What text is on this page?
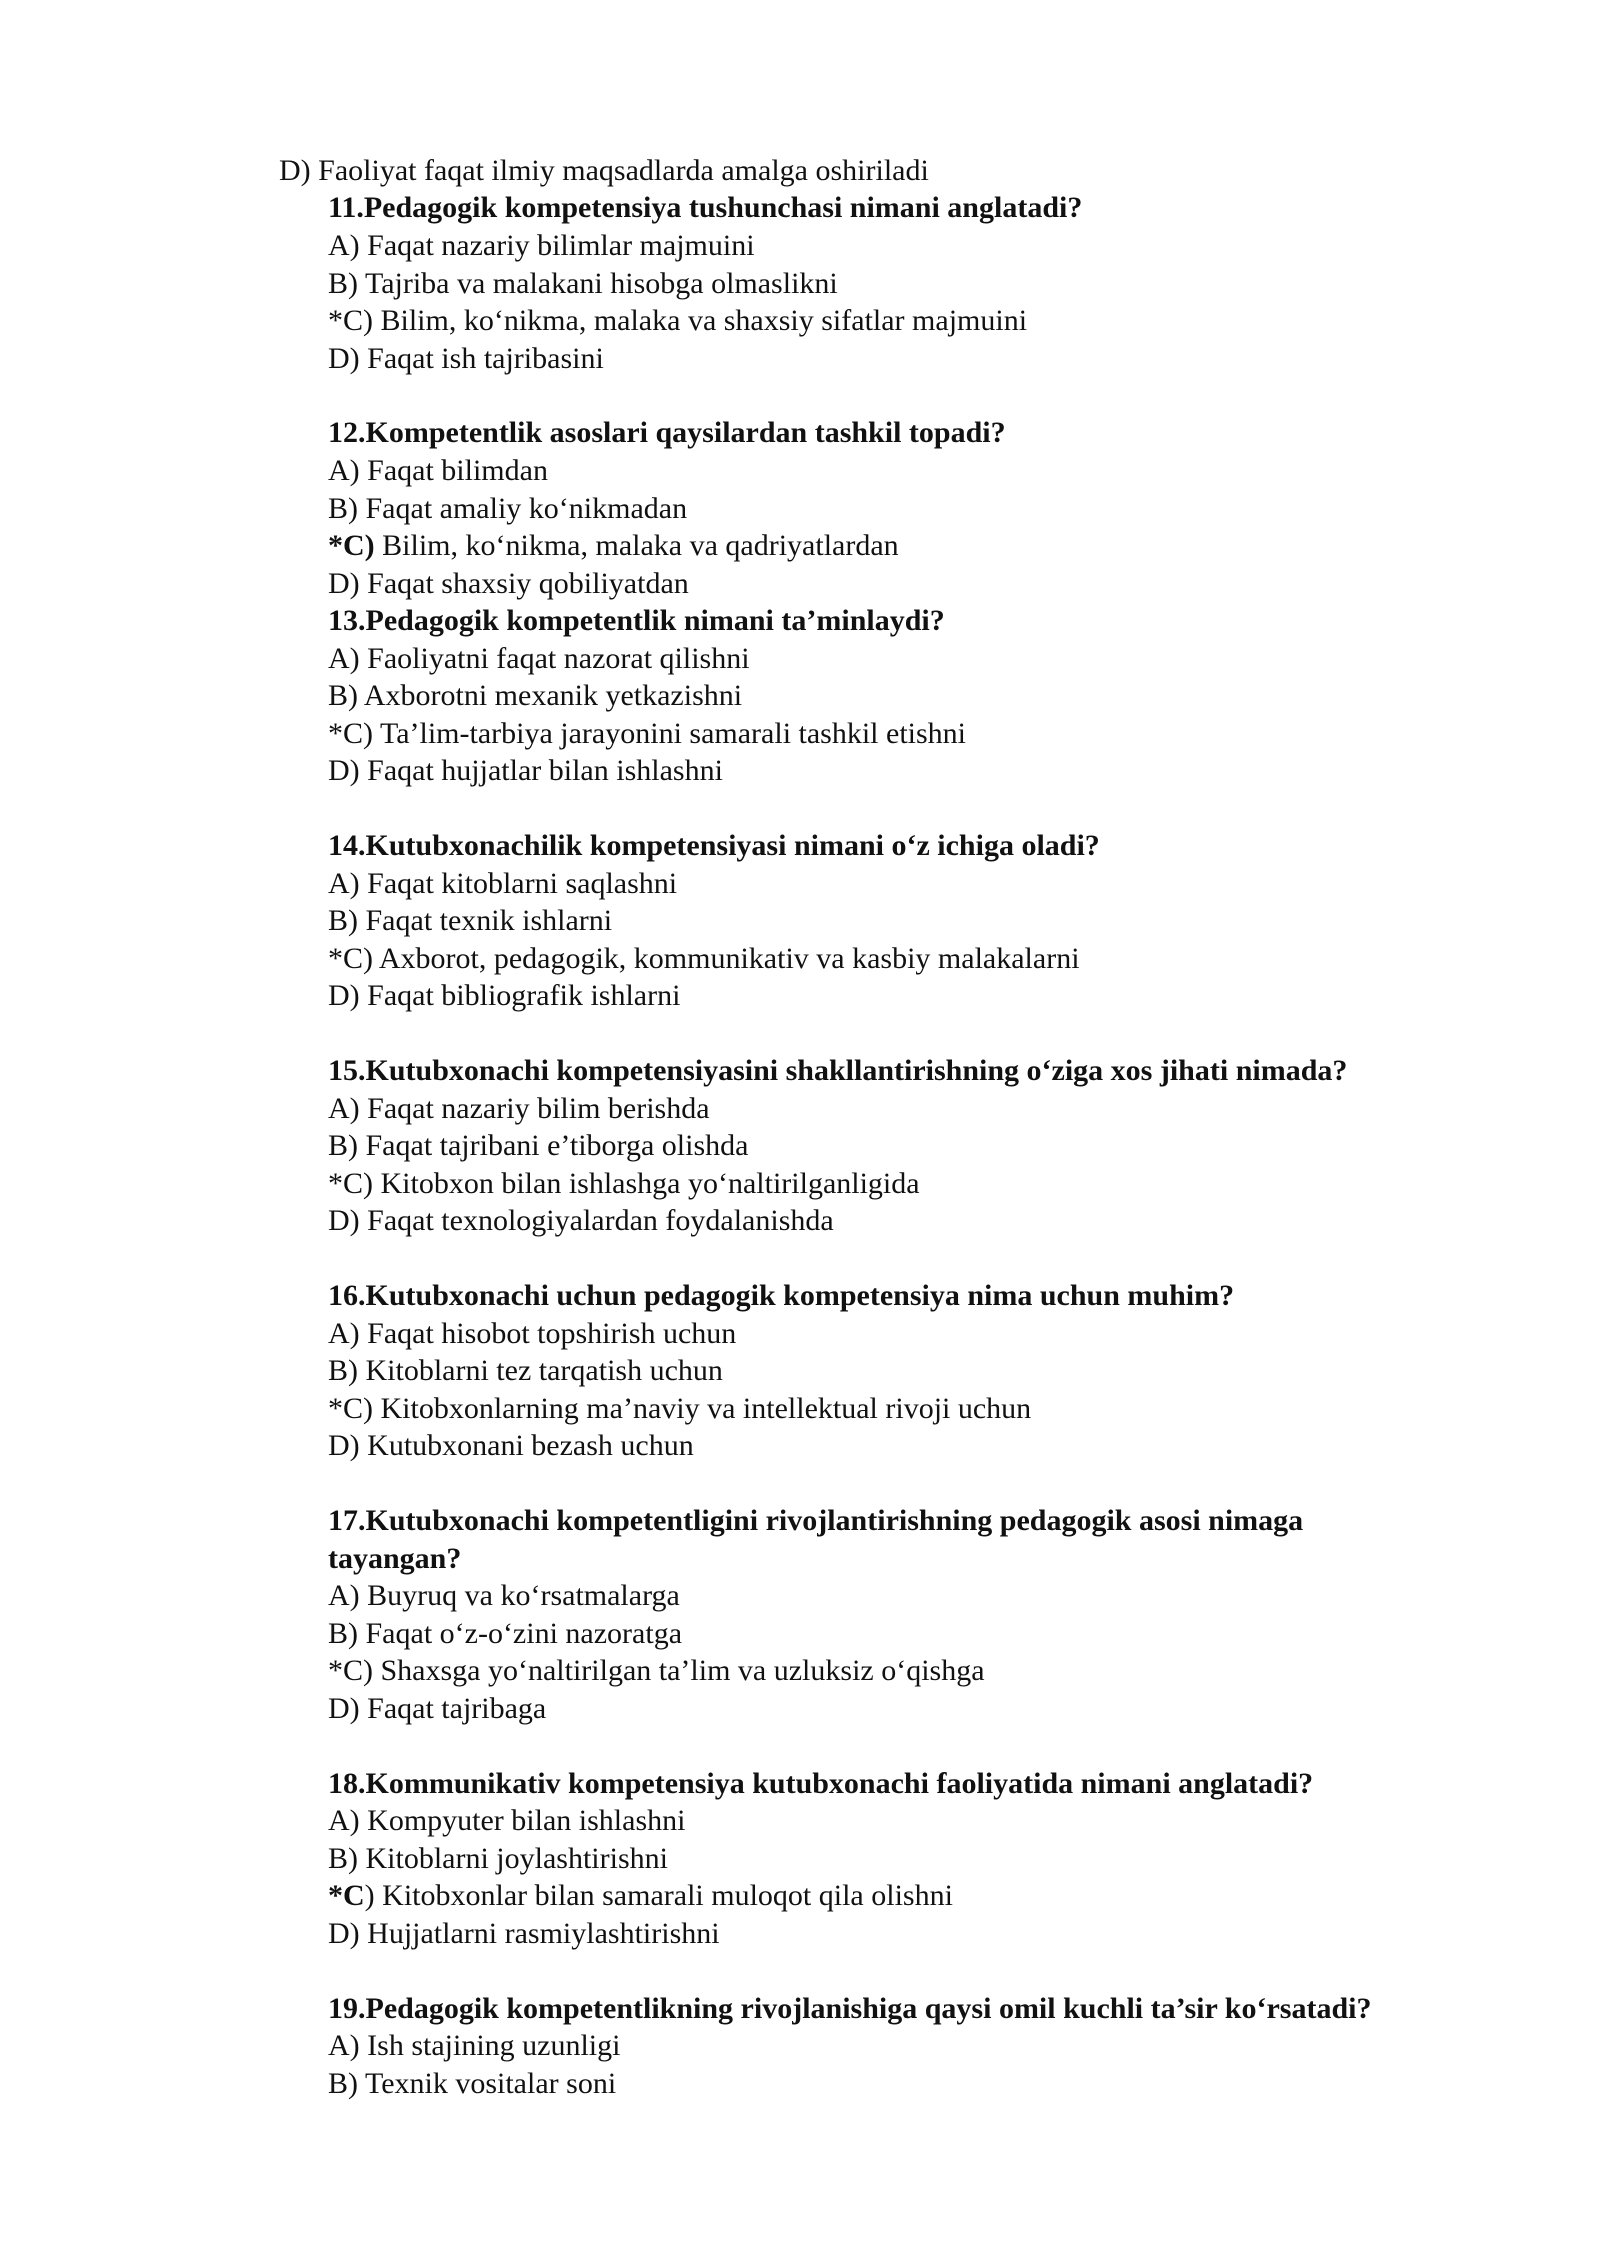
D) Faoliyat faqat ilmiy maqsadlarda amalga oshiriladi
11.Pedagogik kompetensiya tushunchasi nimani anglatadi?
A) Faqat nazariy bilimlar majmuini
B) Tajriba va malakani hisobga olmaslikni
*C) Bilim, ko‘nikma, malaka va shaxsiy sifatlar majmuini
D) Faqat ish tajribasini
12.Kompetentlik asoslari qaysilardan tashkil topadi?
A) Faqat bilimdan
B) Faqat amaliy ko‘nikmadan
*C) Bilim, ko‘nikma, malaka va qadriyatlardan
D) Faqat shaxsiy qobiliyatdan
13.Pedagogik kompetentlik nimani ta’minlaydi?
A) Faoliyatni faqat nazorat qilishni
B) Axborotni mexanik yetkazishni
*C) Ta’lim-tarbiya jarayonini samarali tashkil etishni
D) Faqat hujjatlar bilan ishlashni
14.Kutubxonachilik kompetensiyasi nimani o‘z ichiga oladi?
A) Faqat kitoblarni saqlashni
B) Faqat texnik ishlarni
*C) Axborot, pedagogik, kommunikativ va kasbiy malakalarni
D) Faqat bibliografik ishlarni
15.Kutubxonachi kompetensiyasini shakllantirishning o‘ziga xos jihati nimada?
A) Faqat nazariy bilim berishda
B) Faqat tajribani e’tiborga olishda
*C) Kitobxon bilan ishlashga yo‘naltirilganligida
D) Faqat texnologiyalardan foydalanishda
16.Kutubxonachi uchun pedagogik kompetensiya nima uchun muhim?
A) Faqat hisobot topshirish uchun
B) Kitoblarni tez tarqatish uchun
*C) Kitobxonlarning ma’naviy va intellektual rivoji uchun
D) Kutubxonani bezash uchun
17.Kutubxonachi kompetentligini rivojlantirishning pedagogik asosi nimaga
tayangan?
A) Buyruq va ko‘rsatmalarga
B) Faqat o‘z-o‘zini nazoratga
*C) Shaxsga yo‘naltirilgan ta’lim va uzluksiz o‘qishga
D) Faqat tajribaga
18.Kommunikativ kompetensiya kutubxonachi faoliyatida nimani anglatadi?
A) Kompyuter bilan ishlashni
B) Kitoblarni joylashtirishni
*C) Kitobxonlar bilan samarali muloqot qila olishni
D) Hujjatlarni rasmiylashtirishni
19.Pedagogik kompetentlikning rivojlanishiga qaysi omil kuchli ta’sir ko‘rsatadi?
A) Ish stajining uzunligi
B) Texnik vositalar soni
